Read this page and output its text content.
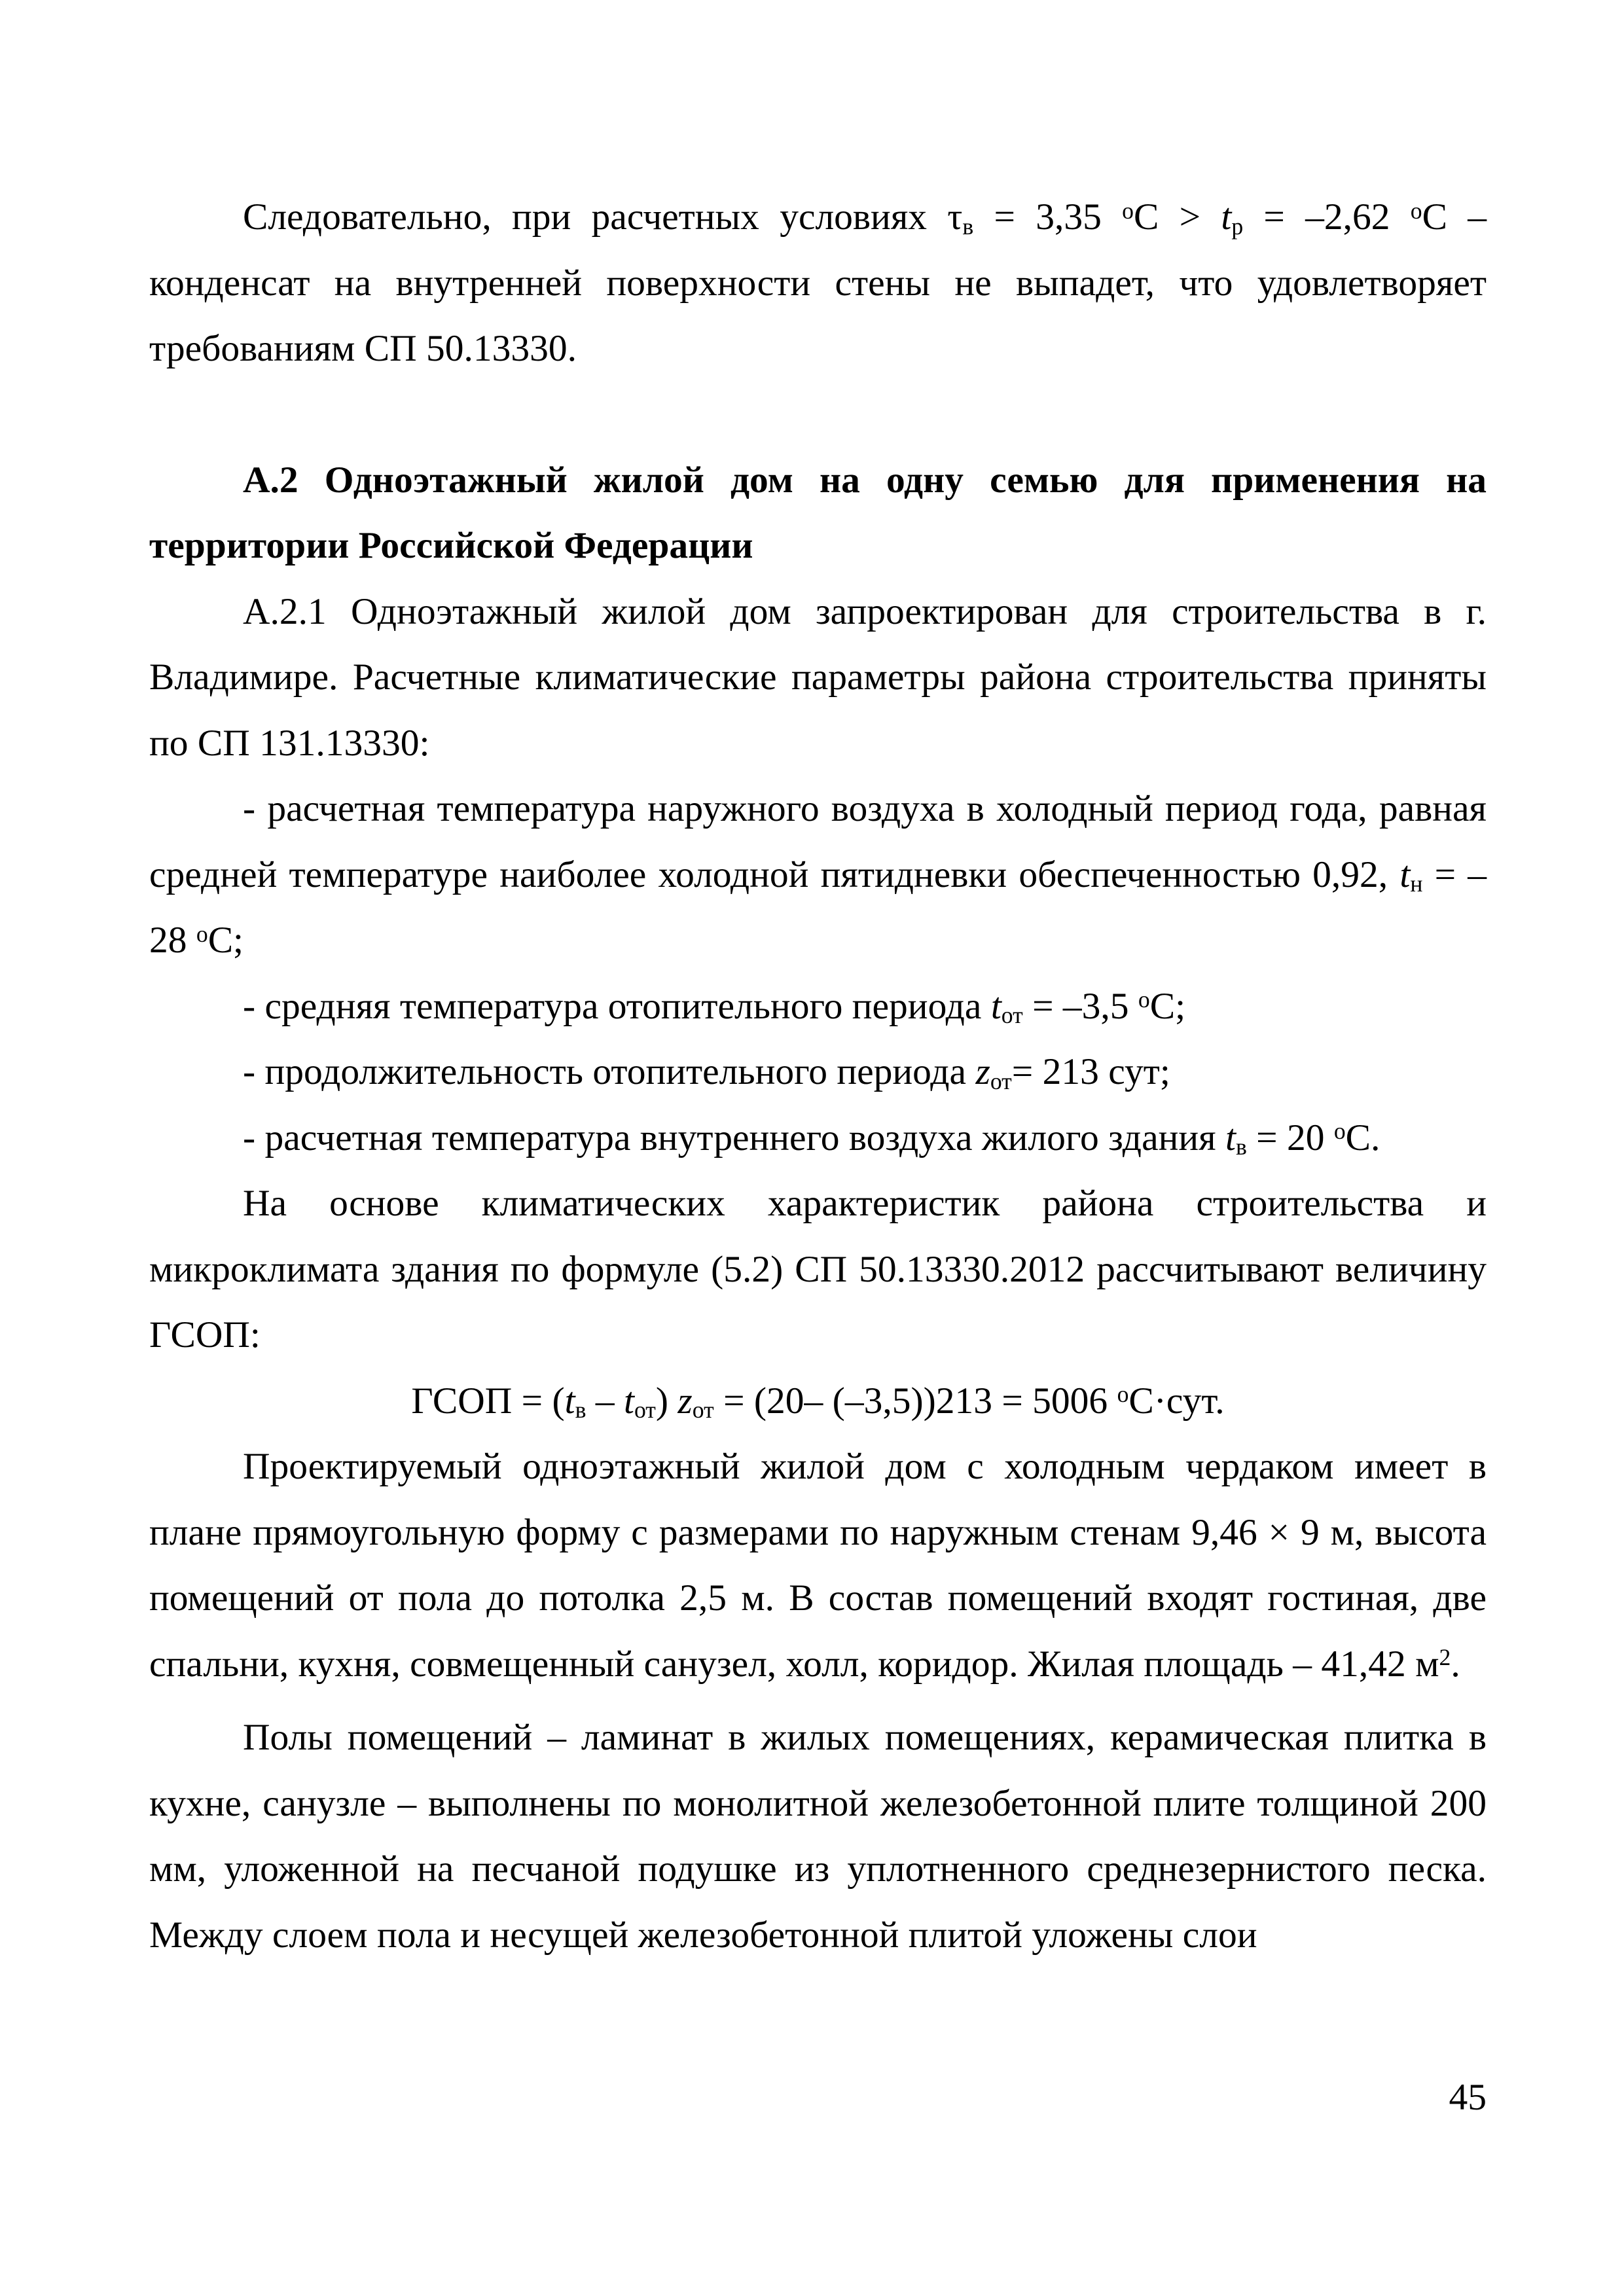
Следовательно, при расчетных условиях $\tau_в = 3,35$ $^оС > t_р = -2,62$ $^о$С – конденсат на внутренней поверхности стены не выпадет, что удовлетворяет требованиям СП 50.13330.

А.2 Одноэтажный жилой дом на одну семью для применения на территории Российской Федерации

А.2.1 Одноэтажный жилой дом запроектирован для строительства в г. Владимире. Расчетные климатические параметры района строительства приняты по СП 131.13330:

- расчетная температура наружного воздуха в холодный период года, равная средней температуре наиболее холодной пятидневки обеспеченностью 0,92, $t_н = -28$ $^о$С;

- средняя температура отопительного периода $t_{от} = -3,5$ $^о$С;

- продолжительность отопительного периода $z_{от}= 213$ сут;

- расчетная температура внутреннего воздуха жилого здания $t_в = 20$ $^о$С.

На основе климатических характеристик района строительства и микроклимата здания по формуле (5.2) СП 50.13330.2012 рассчитывают величину ГСОП:

ГСОП = $(t_в - t_{от}) z_{от} = (20-$ (–3,5))213 = 5006 $^о$С·сут.

Проектируемый одноэтажный жилой дом с холодным чердаком имеет в плане прямоугольную форму с размерами по наружным стенам 9,46 × 9 м, высота помещений от пола до потолка 2,5 м. В состав помещений входят гостиная, две спальни, кухня, совмещенный санузел, холл, коридор. Жилая площадь – 41,42 $м^2$.

Полы помещений – ламинат в жилых помещениях, керамическая плитка в кухне, санузле – выполнены по монолитной железобетонной плите толщиной 200 мм, уложенной на песчаной подушке из уплотненного среднезернистого песка. Между слоем пола и несущей железобетонной плитой уложены слои

45
